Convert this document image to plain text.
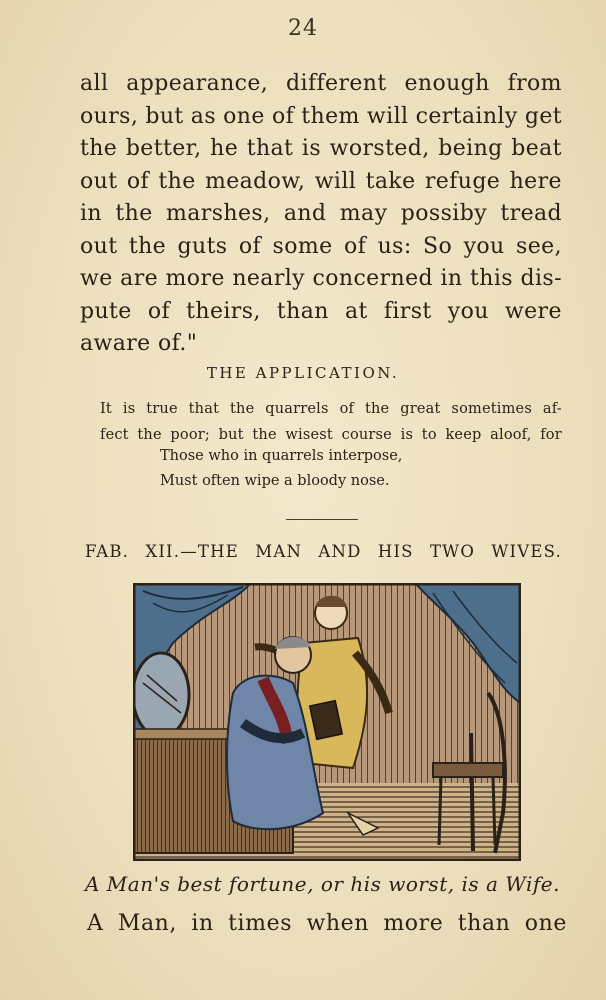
24
all appearance, different enough from
ours, but as one of them will certainly get
the better, he that is worsted, being beat
out of the meadow, will take refuge here
in the marshes, and may possiby tread
out the guts of some of us: So you see,
we are more nearly concerned in this dis-
pute of theirs, than at first you were
aware of."
THE APPLICATION.
It is true that the quarrels of the great sometimes af-
fect the poor; but the wisest course is to keep aloof, for
Those who in quarrels interpose,
Must often wipe a bloody nose.
FAB. XII.—THE MAN AND HIS TWO WIVES.
A Man's best fortune, or his worst, is a Wife.
A Man, in times when more than one
